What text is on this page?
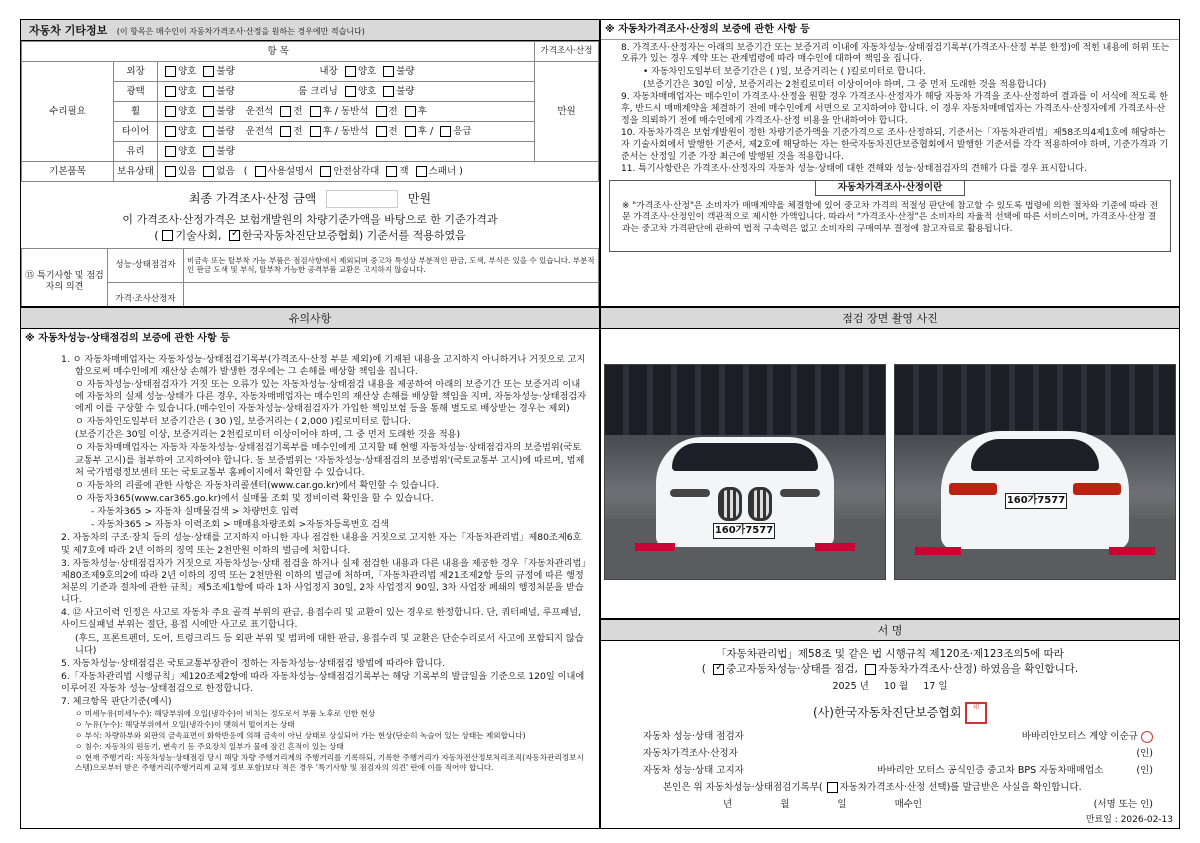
자동차 기타정보 (이 항목은 매수인이 자동차가격조사·산정을 원하는 경우에만 적습니다)
항 목			가격조사·산정
수리필요	외장	양호 불량 내장 양호 불량	만원
	광택	양호 불량 룸 크리닝 양호 불량	
	휠	양호 불량 운전석 전 후 / 동반석 전 후	
	타이어	양호 불량 운전석 전 후 / 동반석 전 후 / 응급	
	유리	양호 불량	
기본품목	보유상태	있음 없음 ( 사용설명서 안전삼각대 잭 스패너 )	
최종 가격조사·산정 금액	만원
이 가격조사·산정가격은 보험개발원의 차량기준가액을 바탕으로 한 기준가격과
( 기술사회, ✓ 한국자동차진단보증협회) 기준서를 적용하였음
⑮ 특기사항 및 점검자의 의견	성능·상태점검자	비금속 또는 탈부착 가능 부품은 점검사항에서 제외되며 중고차 특성상 부분적인 판금, 도색, 부식은 있을 수 있습니다. 부분적인 판금 도색 및 부식, 탈부착 가능한 공격부품 교환은 고지하지 않습니다.
	가격·조사산정자	
※ 자동차가격조사·산정의 보증에 관한 사항 등

8. 가격조사·산정자는 아래의 보증기간 또는 보증거리 이내에 자동차성능·상태점검기록부(가격조사·산정 부분 한정)에 적힌 내용에 허위 또는 오류가 있는 경우 계약 또는 관계법령에 따라 매수인에 대하여 책임을 집니다.

• 자동차인도일부터 보증기간은 ( )일, 보증거리는 ( )킬로미터로 합니다.

(보증기간은 30일 이상, 보증거리는 2천킬로미터 이상이어야 하며, 그 중 먼저 도래한 것을 적용합니다)

9. 자동차매매업자는 매수인이 가격조사·산정을 원할 경우 가격조사·산정자가 해당 자동차 가격을 조사·산정하여 결과를 이 서식에 적도록 한 후, 반드시 매매계약을 체결하기 전에 매수인에게 서면으로 고지하여야 합니다. 이 경우 자동차매매업자는 가격조사·산정자에게 가격조사·산정을 의뢰하기 전에 매수인에게 가격조사·산정 비용을 안내하여야 합니다.

10. 자동차가격은 보험개발원이 정한 차량기준가액을 기준가격으로 조사·산정하되, 기준서는「자동차관리법」제58조의4제1호에 해당하는 자 기술사회에서 발행한 기준서, 제2호에 해당하는 자는 한국자동차진단보증협회에서 발행한 기준서를 각각 적용하여야 하며, 기준가격과 기준서는 산정일 기준 가장 최근에 발행된 것을 적용합니다.

11. 특기사항란은 가격조사·산정자의 자동차 성능·상태에 대한 견해와 성능·상태점검자의 견해가 다를 경우 표시합니다.

자동차가격조사·산정이란
※ "가격조사·산정"은 소비자가 매매계약을 체결함에 있어 중고차 가격의 적절성 판단에 참고할 수 있도록 법령에 의한 절차와 기준에 따라 전문 가격조사·산정인이 객관적으로 제시한 가액입니다. 따라서 "가격조사·산정"은 소비자의 자율적 선택에 따른 서비스이며, 가격조사·산정 결과는 중고차 가격판단에 관하여 법적 구속력은 없고 소비자의 구매여부 결정에 참고자료로 활용됩니다.
유의사항
※ 자동차성능·상태점검의 보증에 관한 사항 등

1. ㅇ 자동차매매업자는 자동차성능·상태점검기록부(가격조사·산정 부분 제외)에 기재된 내용을 고지하지 아니하거나 거짓으로 고지함으로써 매수인에게 재산상 손해가 발생한 경우에는 그 손해를 배상할 책임을 집니다.

ㅇ 자동차성능·상태점검자가 거짓 또는 오류가 있는 자동차성능·상태점검 내용을 제공하여 아래의 보증기간 또는 보증거리 이내에 자동차의 실제 성능·상태가 다른 경우, 자동차매매업자는 매수인의 재산상 손해를 배상할 책임을 지며, 자동차성능·상태점검자에게 이를 구상할 수 있습니다.(매수인이 자동차성능·상태점검자가 가입한 책임보험 등을 통해 별도로 배상받는 경우는 제외)

ㅇ 자동차인도일부터 보증기간은 ( 30 )일, 보증거리는 ( 2,000 )킬로미터로 합니다.

(보증기간은 30일 이상, 보증거리는 2천킬로미터 이상이어야 하며, 그 중 먼저 도래한 것을 적용)

ㅇ 자동차매매업자는 자동차 자동차성능·상태점검기록부를 매수인에게 고지할 때 현행 자동차성능·상태점검자의 보증범위(국토교통부 고시)를 첨부하여 고지하여야 합니다. 동 보증범위는 '자동차성능·상태점검의 보증범위'(국토교통부 고시)에 따르며, 법제처 국가법령정보센터 또는 국토교통부 홈페이지에서 확인할 수 있습니다.

ㅇ 자동차의 리콜에 관한 사항은 자동차리콜센터(www.car.go.kr)에서 확인할 수 있습니다.

ㅇ 자동차365(www.car365.go.kr)에서 실매물 조회 및 정비이력 확인을 할 수 있습니다.

- 자동차365 > 자동차 실매물검색 > 차량번호 입력

- 자동차365 > 자동차 이력조회 > 매매용차량조회 >자동차등록번호 검색

2. 자동차의 구조·장치 등의 성능·상태를 고지하지 아니한 자나 점검한 내용을 거짓으로 고지한 자는「자동차관리법」제80조제6호 및 제7호에 따라 2년 이하의 징역 또는 2천만원 이하의 벌금에 처합니다.

3. 자동차성능·상태점검자가 거짓으로 자동차성능·상태 점검을 하거나 실제 점검한 내용과 다른 내용을 제공한 경우「자동차관리법」제80조제9호의2에 따라 2년 이하의 징역 또는 2천만원 이하의 벌금에 처하며,「자동차관리법 제21조제2항 등의 규정에 따른 행정처분의 기준과 절차에 관한 규칙」제5조제1항에 따라 1차 사업정지 30일, 2차 사업정지 90일, 3차 사업장 폐쇄의 행정처분을 받습니다.

4. ⑫ 사고이력 인정은 사고로 자동차 주요 골격 부위의 판금, 용접수리 및 교환이 있는 경우로 한정합니다. 단, 쿼터패널, 루프패널, 사이드실패널 부위는 절단, 용접 시에만 사고로 표기합니다.

(후드, 프론트펜더, 도어, 트렁크리드 등 외판 부위 및 범퍼에 대한 판금, 용접수리 및 교환은 단순수리로서 사고에 포함되지 않습니다)

5. 자동차성능·상태점검은 국토교통부장관이 정하는 자동차성능·상태점검 방법에 따라야 합니다.

6.「자동차관리법 시행규칙」제120조제2항에 따라 자동차성능·상태점검기록부는 해당 기록부의 발급일을 기준으로 120일 이내에 이루어진 자동차 성능·상태점검으로 한정합니다.

7. 체크항목 판단기준(예시)

ㅇ 미세누유(미세누수): 해당부위에 오일(냉각수)이 비치는 정도로서 부품 노후로 인한 현상

ㅇ 누유(누수): 해당부위에서 오일(냉각수)이 맺혀서 떨어지는 상태

ㅇ 부식: 차량하부와 외판의 금속표면이 화학반응에 의해 금속이 아닌 상태로 상실되어 가는 현상(단순히 녹슬어 있는 상태는 제외합니다)

ㅇ 침수: 자동차의 원동기, 변속기 등 주요장치 일부가 물에 잠긴 흔적이 있는 상태

ㅇ 현재 주행거리: 자동차성능·상태점검 당시 해당 차량 주행거리계의 주행거리를 기록하되, 기록한 주행거리가 자동차전산정보처리조직(자동차관리정보시스템)으로부터 받은 주행거리(주행거리계 교체 정보 포함)보다 적은 경우 '특기사항 및 점검자의 의견' 란에 이를 적어야 합니다.

점검 장면 촬영 사진
160가7577
160가7577
서 명
「자동차관리법」제58조 및 같은 법 시행규칙 제120조·제123조의5에 따라
( ✓중고자동차성능·상태를 점검, 자동차가격조사·산정) 하였음을 확인합니다.
2025 년 10 월 17 일
(사)한국자동차진단보증협회 印
자동차 성능·상태 점검자	바바리안모터스 계양 이순규
자동차가격조사·산정자	(인)
자동차 성능·상태 고지자	바바리안 모터스 공식인증 중고차 BPS 자동차매매업소	(인)
본인은 위 자동차성능·상태점검기록부( 자동차가격조사·산정 선택)를 발급받은 사실을 확인합니다.
년	월	일	매수인	(서명 또는 인)
만료일 : 2026-02-13
